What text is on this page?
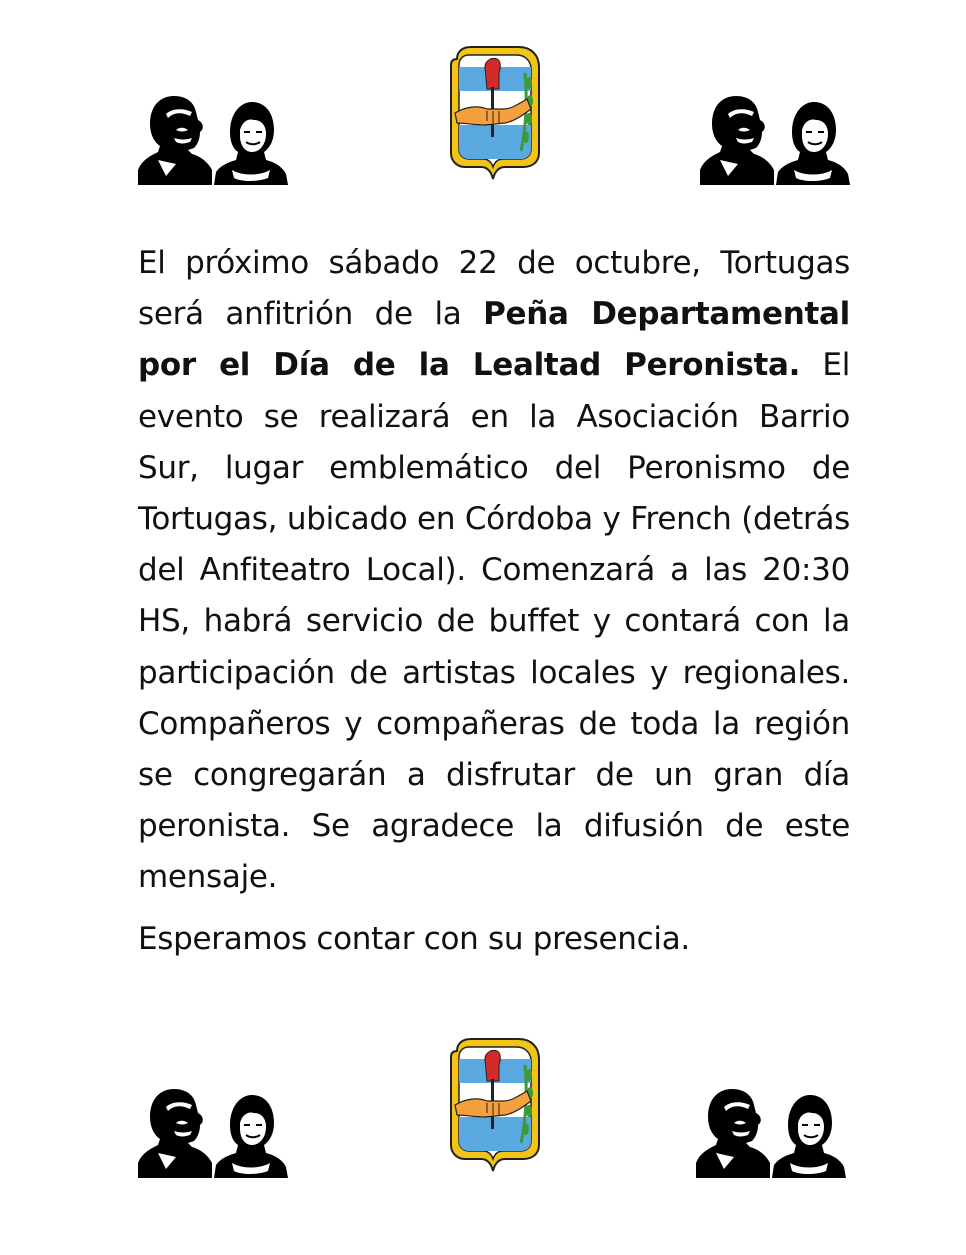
El próximo sábado 22 de octubre, Tortugas será anfitrión de la Peña Departamental por el Día de la Lealtad Peronista. El evento se realizará en la Asociación Barrio Sur, lugar emblemático del Peronismo de Tortugas, ubicado en Córdoba y French (detrás del Anfiteatro Local). Comenzará a las 20:30 HS, habrá servicio de buffet y contará con la participación de artistas locales y regionales. Compañeros y compañeras de toda la región se congregarán a disfrutar de un gran día peronista. Se agradece la difusión de este mensaje.

Esperamos contar con su presencia.
